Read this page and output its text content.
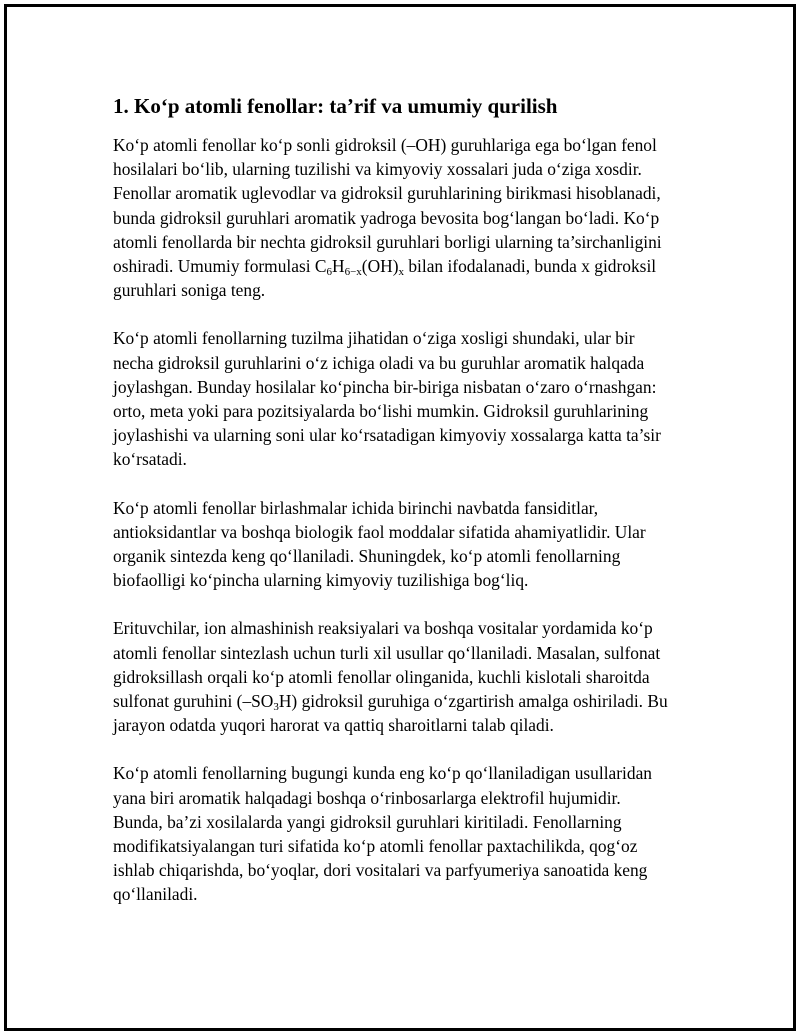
1. Ko‘p atomli fenollar: ta’rif va umumiy qurilish

Ko‘p atomli fenollar ko‘p sonli gidroksil (–OH) guruhlariga ega bo‘lgan fenol hosilalari bo‘lib, ularning tuzilishi va kimyoviy xossalari juda o‘ziga xosdir. Fenollar aromatik uglevodlar va gidroksil guruhlarining birikmasi hisoblanadi, bunda gidroksil guruhlari aromatik yadroga bevosita bog‘langan bo‘ladi. Ko‘p atomli fenollarda bir nechta gidroksil guruhlari borligi ularning ta’sirchanligini oshiradi. Umumiy formulasi $C_6H_{6-x}(OH)_x$ bilan ifodalanadi, bunda x gidroksil guruhlari soniga teng.

Ko‘p atomli fenollarning tuzilma jihatidan o‘ziga xosligi shundaki, ular bir necha gidroksil guruhlarini o‘z ichiga oladi va bu guruhlar aromatik halqada joylashgan. Bunday hosilalar ko‘pincha bir-biriga nisbatan o‘zaro o‘rnashgan: orto, meta yoki para pozitsiyalarda bo‘lishi mumkin. Gidroksil guruhlarining joylashishi va ularning soni ular ko‘rsatadigan kimyoviy xossalarga katta ta’sir ko‘rsatadi.

Ko‘p atomli fenollar birlashmalar ichida birinchi navbatda fansiditlar, antioksidantlar va boshqa biologik faol moddalar sifatida ahamiyatlidir. Ular organik sintezda keng qo‘llaniladi. Shuningdek, ko‘p atomli fenollarning biofaolligi ko‘pincha ularning kimyoviy tuzilishiga bog‘liq.

Erituvchilar, ion almashinish reaksiyalari va boshqa vositalar yordamida ko‘p atomli fenollar sintezlash uchun turli xil usullar qo‘llaniladi. Masalan, sulfonat gidroksillash orqali ko‘p atomli fenollar olinganida, kuchli kislotali sharoitda sulfonat guruhini $(-SO_3H)$ gidroksil guruhiga o‘zgartirish amalga oshiriladi. Bu jarayon odatda yuqori harorat va qattiq sharoitlarni talab qiladi.

Ko‘p atomli fenollarning bugungi kunda eng ko‘p qo‘llaniladigan usullaridan yana biri aromatik halqadagi boshqa o‘rinbosarlarga elektrofil hujumidir. Bunda, ba’zi xosilalarda yangi gidroksil guruhlari kiritiladi. Fenollarning modifikatsiyalangan turi sifatida ko‘p atomli fenollar paxtachilikda, qog‘oz ishlab chiqarishda, bo‘yoqlar, dori vositalari va parfyumeriya sanoatida keng qo‘llaniladi.
